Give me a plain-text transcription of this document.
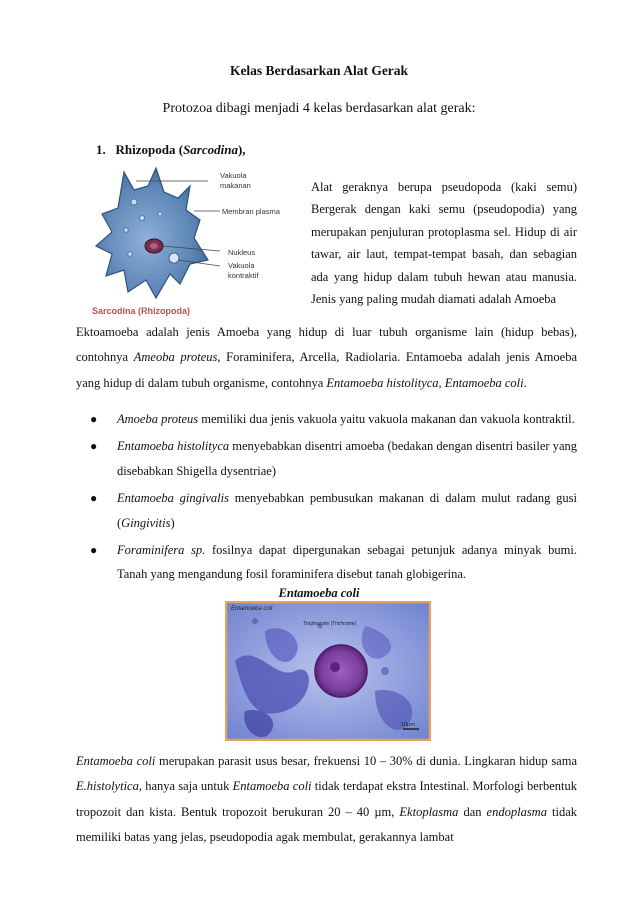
Kelas Berdasarkan Alat Gerak
Protozoa dibagi menjadi 4 kelas berdasarkan alat gerak:
1. Rhizopoda (Sarcodina),
Vakuola
makanan
Membran plasma
Nukleus
Vakuola
kontraktif
Sarcodina (Rhizopoda)
Alat geraknya berupa pseudopoda (kaki semu) Bergerak dengan kaki semu (pseudopodia) yang merupakan penjuluran protoplasma sel. Hidup di air tawar, air laut, tempat-tempat basah, dan sebagian ada yang hidup dalam tubuh hewan atau manusia. Jenis yang paling mudah diamati adalah Amoeba
Ektoamoeba adalah jenis Amoeba yang hidup di luar tubuh organisme lain (hidup bebas), contohnya Ameoba proteus, Foraminifera, Arcella, Radiolaria. Entamoeba adalah jenis Amoeba yang hidup di dalam tubuh organisme, contohnya Entamoeba histolityca, Entamoeba coli.
● Amoeba proteus memiliki dua jenis vakuola yaitu vakuola makanan dan vakuola kontraktil.
● Entamoeba histolityca menyebabkan disentri amoeba (bedakan dengan disentri basiler yang disebabkan Shigella dysentriae)
● Entamoeba gingivalis menyebabkan pembusukan makanan di dalam mulut radang gusi (Gingivitis)
● Foraminifera sp. fosilnya dapat dipergunakan sebagai petunjuk adanya minyak bumi. Tanah yang mengandung fosil foraminifera disebut tanah globigerina.
Entamoeba coli
Entamoeba coli
Trophozoite (Trichrome)
10µm
Entamoeba coli merupakan parasit usus besar, frekuensi 10 – 30% di dunia. Lingkaran hidup sama E.histolytica, hanya saja untuk Entamoeba coli tidak terdapat ekstra Intestinal. Morfologi berbentuk tropozoit dan kista. Bentuk tropozoit berukuran 20 – 40 µm, Ektoplasma dan endoplasma tidak memiliki batas yang jelas, pseudopodia agak membulat, gerakannya lambat
